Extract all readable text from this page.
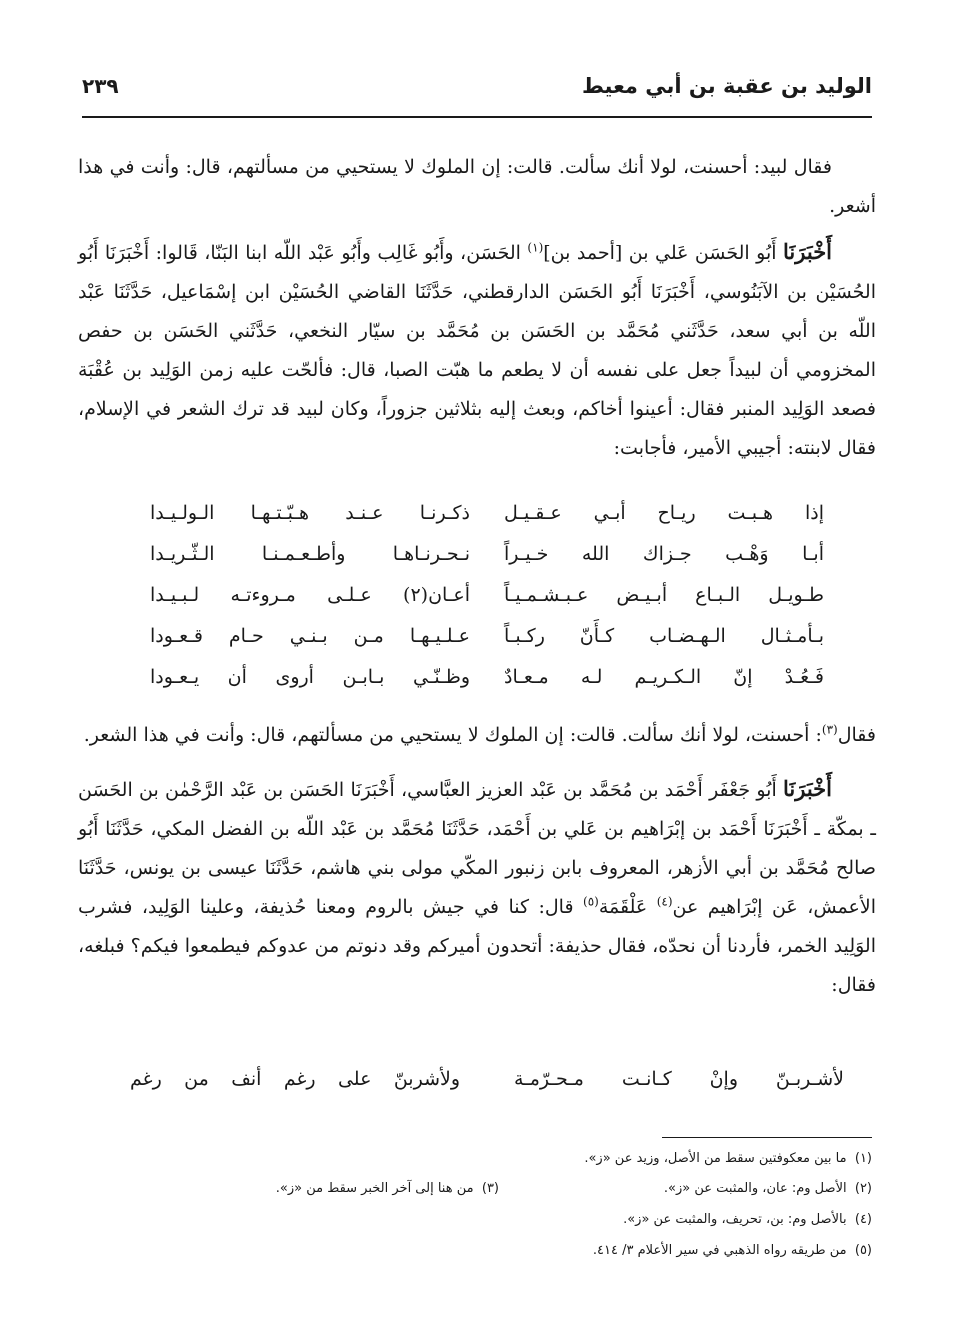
الوليد بن عقبة بن أبي معيط
٢٣٩

فقال لبيد: أحسنت، لولا أنك سألت. قالت: إن الملوك لا يستحيي من مسألتهم، قال: وأنت في هذا أشعر.

أَخْبَرَنَا أَبُو الحَسَن عَلي بن [أحمد بن]$^{(١)}$ الحَسَن، وأَبُو غَالِب وأَبُو عَبْد اللّه ابنا البَنّا، قَالوا: أَخْبَرَنَا أَبُو الحُسَيْن بن الآبَنُوسي، أَخْبَرَنَا أَبُو الحَسَن الدارقطني، حَدَّثَنَا القاضي الحُسَيْن ابن إسْمَاعيل، حَدَّثَنَا عَبْد اللّه بن أبي سعد، حَدَّثَني مُحَمَّد بن الحَسَن بن مُحَمَّد بن سيّار النخعي، حَدَّثَني الحَسَن بن حفص المخزومي أن لبيداً جعل على نفسه أن لا يطعم ما هبّت الصبا، قال: فألحّت عليه زمن الوَلِيد بن عُقْبَة فصعد الوَلِيد المنبر فقال: أعينوا أخاكم، وبعث إليه بثلاثين جزوراً، وكان لبيد قد ترك الشعر في الإسلام، فقال لابنته: أجيبي الأمير، فأجابت:

إذا هـبـت ريـاح أبـي عـقـيـل
ذكـرنـا عـنـد هـبّـتـهـا الـولـيـدا
أبـا وَهْـب جـزاك الله خـيـراً
نـحـرنـاهـا وأطـعـمـنـا الـثّـريـدا
طـويـل الـبـاع أبـيـض عـبـشـمـيـاً
أعـان(٢) عـلـى مـروءتـه لـبـيـدا
بـأمـثـال الـهـضـاب كـأَنّ ركـبـاً
عـلـيـهـا مـن بـنـي حـام قـعـودا
فَـعُـدْ إنّ الـكـريـم لـه مـعـادٌ
وظـنّـي بـابـن أروى أن يـعـودا

فقال$^{(٣)}$: أحسنت، لولا أنك سألت. قالت: إن الملوك لا يستحيي من مسألتهم، قال: وأنت في هذا الشعر.

أَخْبَرَنَا أَبُو جَعْفَر أَحْمَد بن مُحَمَّد بن عَبْد العزيز العبَّاسي، أَخْبَرَنَا الحَسَن بن عَبْد الرَّحْمٰن بن الحَسَن ـ بمكّة ـ أَخْبَرَنَا أَحْمَد بن إبْرَاهيم بن عَلي بن أَحْمَد، حَدَّثَنَا مُحَمَّد بن عَبْد اللّه بن الفضل المكي، حَدَّثَنَا أَبُو صالح مُحَمَّد بن أبي الأزهر، المعروف بابن زنبور المكّي مولى بني هاشم، حَدَّثَنَا عيسى بن يونس، حَدَّثَنَا الأعمش، عَن إبْرَاهيم عن$^{(٤)}$ عَلْقَمَة$^{(٥)}$ قال: كنا في جيش بالروم ومعنا حُذيفة، وعلينا الوَلِيد، فشرب الوَلِيد الخمر، فأردنا أن نحدّه، فقال حذيفة: أتحدون أميركم وقد دنوتم من عدوكم فيطمعوا فيكم؟ فبلغه، فقال:

لأشـربـنّ وإنْ كـانـت مـحـرّمـة
ولأشربنّ على رغم أنف من رغم
(١)  ما بين معكوفتين سقط من الأصل، وزيد عن «ز».
(٢)  الأصل وم: عان، والمثبت عن «ز».
(٣)  من هنا إلى آخر الخبر سقط من «ز».
(٤)  بالأصل وم: بن، تحريف، والمثبت عن «ز».
(٥)  من طريقه رواه الذهبي في سير الأعلام ٣/ ٤١٤.
